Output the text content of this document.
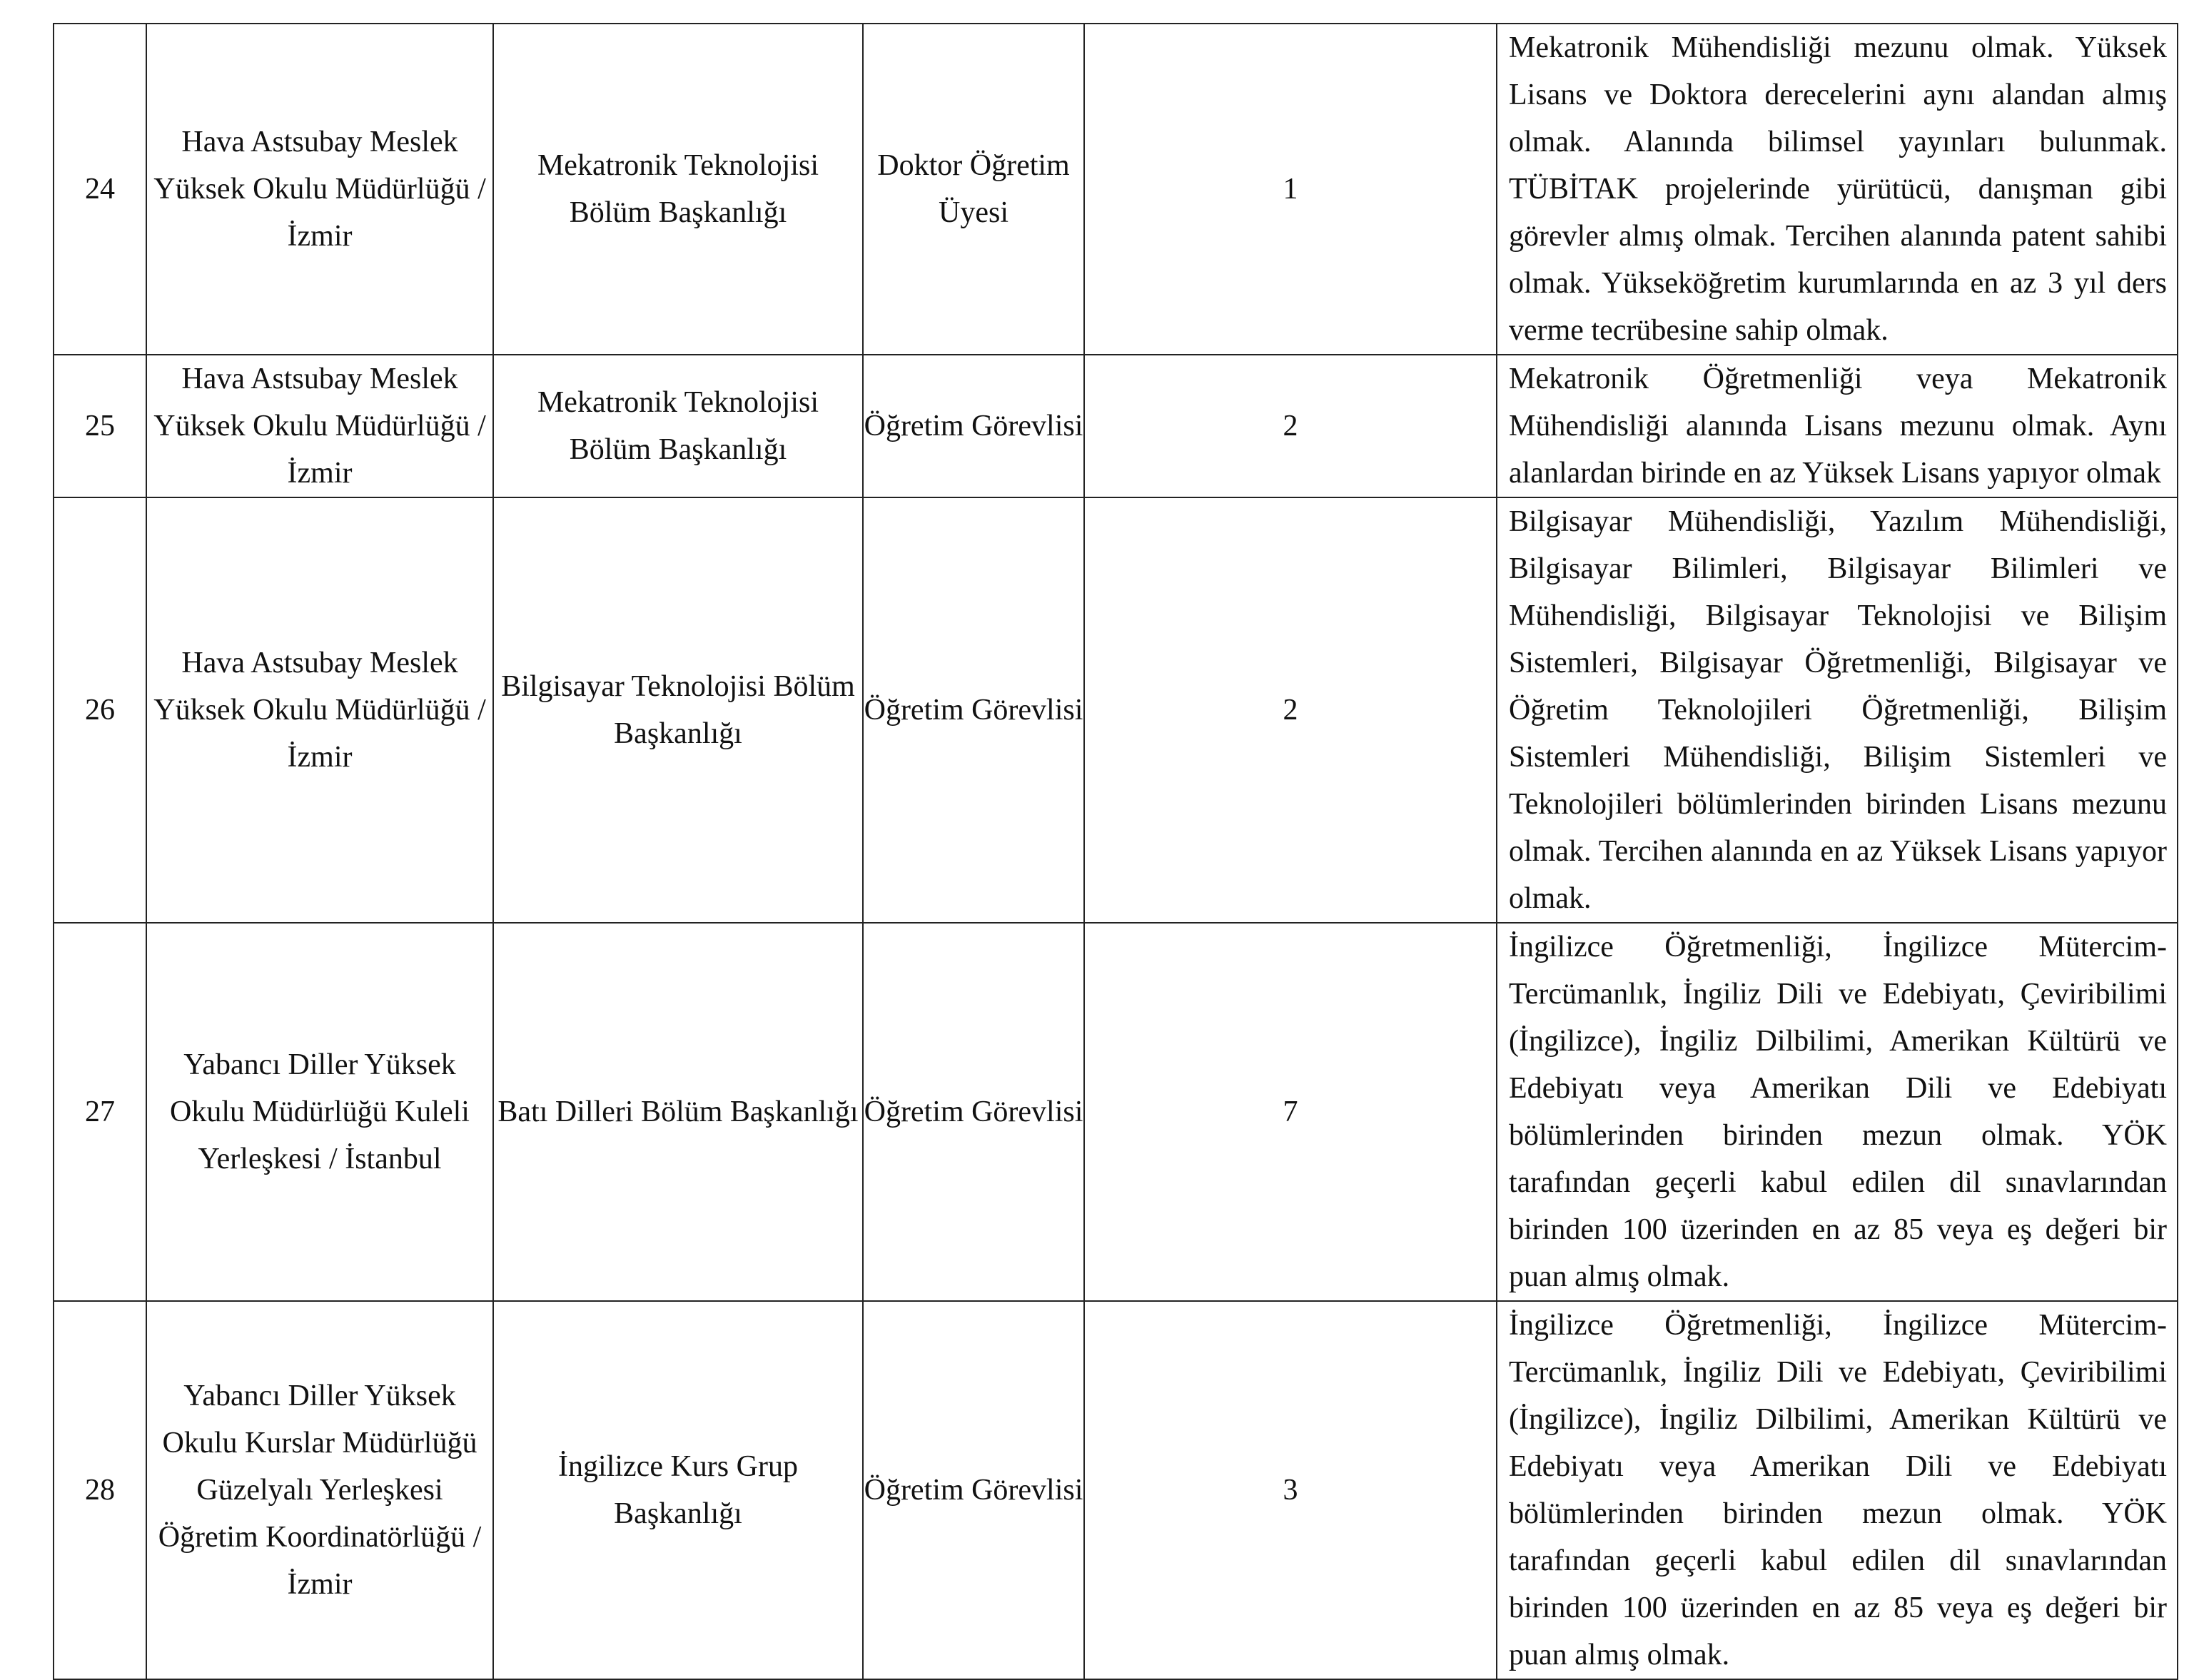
24	Hava Astsubay Meslek Yüksek Okulu Müdürlüğü / İzmir	Mekatronik Teknolojisi Bölüm Başkanlığı	Doktor Öğretim Üyesi	1	Mekatronik Mühendisliği mezunu olmak. Yüksek Lisans ve Doktora derecelerini aynı alandan almış olmak. Alanında bilimsel yayınları bulunmak. TÜBİTAK projelerinde yürütücü, danışman gibi görevler almış olmak. Tercihen alanında patent sahibi olmak. Yükseköğretim kurumlarında en az 3 yıl ders verme tecrübesine sahip olmak.
25	Hava Astsubay Meslek Yüksek Okulu Müdürlüğü / İzmir	Mekatronik Teknolojisi Bölüm Başkanlığı	Öğretim Görevlisi	2	Mekatronik Öğretmenliği veya Mekatronik Mühendisliği alanında Lisans mezunu olmak. Aynı alanlardan birinde en az Yüksek Lisans yapıyor olmak
26	Hava Astsubay Meslek Yüksek Okulu Müdürlüğü / İzmir	Bilgisayar Teknolojisi Bölüm Başkanlığı	Öğretim Görevlisi	2	Bilgisayar Mühendisliği, Yazılım Mühendisliği, Bilgisayar Bilimleri, Bilgisayar Bilimleri ve Mühendisliği, Bilgisayar Teknolojisi ve Bilişim Sistemleri, Bilgisayar Öğretmenliği, Bilgisayar ve Öğretim Teknolojileri Öğretmenliği, Bilişim Sistemleri Mühendisliği, Bilişim Sistemleri ve Teknolojileri bölümlerinden birinden Lisans mezunu olmak. Tercihen alanında en az Yüksek Lisans yapıyor olmak.
27	Yabancı Diller Yüksek Okulu Müdürlüğü Kuleli Yerleşkesi / İstanbul	Batı Dilleri Bölüm Başkanlığı	Öğretim Görevlisi	7	İngilizce Öğretmenliği, İngilizce Mütercim-Tercümanlık, İngiliz Dili ve Edebiyatı, Çeviribilimi (İngilizce), İngiliz Dilbilimi, Amerikan Kültürü ve Edebiyatı veya Amerikan Dili ve Edebiyatı bölümlerinden birinden mezun olmak. YÖK tarafından geçerli kabul edilen dil sınavlarından birinden 100 üzerinden en az 85 veya eş değeri bir puan almış olmak.
28	Yabancı Diller Yüksek Okulu Kurslar Müdürlüğü Güzelyalı Yerleşkesi Öğretim Koordinatörlüğü / İzmir	İngilizce Kurs Grup Başkanlığı	Öğretim Görevlisi	3	İngilizce Öğretmenliği, İngilizce Mütercim-Tercümanlık, İngiliz Dili ve Edebiyatı, Çeviribilimi (İngilizce), İngiliz Dilbilimi, Amerikan Kültürü ve Edebiyatı veya Amerikan Dili ve Edebiyatı bölümlerinden birinden mezun olmak. YÖK tarafından geçerli kabul edilen dil sınavlarından birinden 100 üzerinden en az 85 veya eş değeri bir puan almış olmak.
